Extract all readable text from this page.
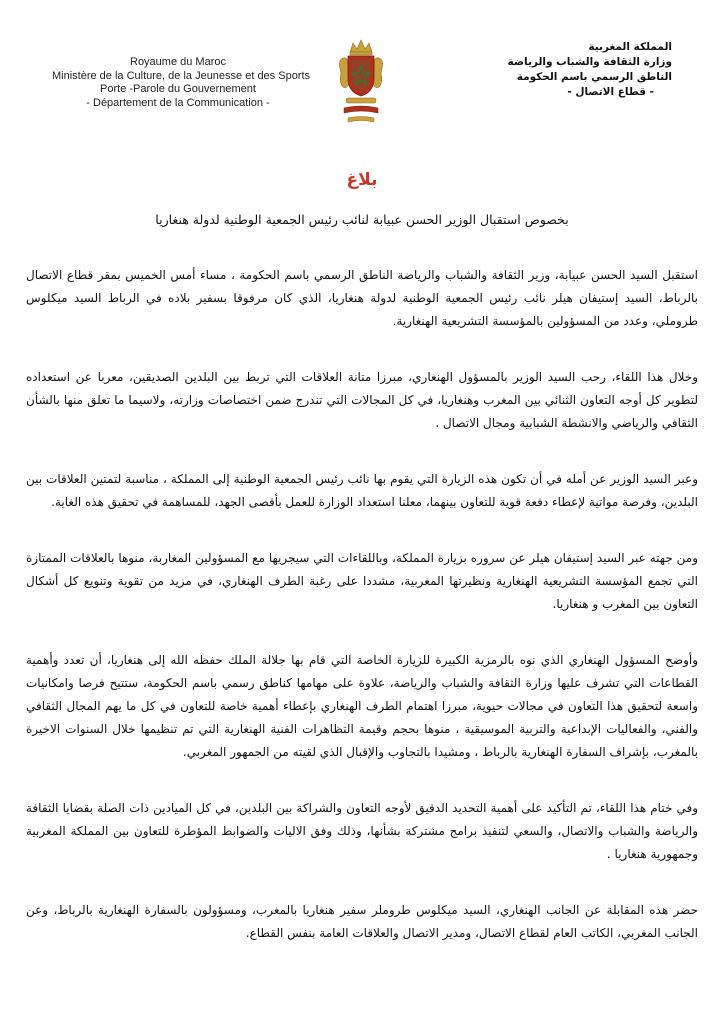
Royaume du Maroc
Ministère de la Culture, de la Jeunesse et des Sports
Porte -Parole du Gouvernement
- Département de la Communication -
المملكة المغربية
وزارة الثقافة والشباب والرياضة
الناطق الرسمي باسم الحكومة
- قطاع الاتصال -
بلاغ
بخصوص استقبال الوزير الحسن عبيابة لنائب رئيس الجمعية الوطنية لدولة هنغاريا

استقبل السيد الحسن عبيابة، وزير الثقافة والشباب والرياضة الناطق الرسمي باسم الحكومة ، مساء أمس الخميس بمقر قطاع الاتصال بالرباط، السيد إستيفان هيلر نائب رئيس الجمعية الوطنية لدولة هنغاريا، الذي كان مرفوقا بسفير بلاده في الرباط السيد ميكلوس طروملي، وعدد من المسؤولين بالمؤسسة التشريعية الهنغارية.

وخلال هذا اللقاء، رحب السيد الوزير بالمسؤول الهنغاري، مبرزا متانة العلاقات التي تربط بين البلدين الصديقين، معربا عن استعداده لتطوير كل أوجه التعاون الثنائي بين المغرب وهنغاريا، في كل المجالات التي تندرج ضمن اختصاصات وزارته، ولاسيما ما تعلق منها بالشأن الثقافي والرياضي والانشطة الشبابية ومجال الاتصال .

وعبر السيد الوزير عن أمله في أن تكون هذه الزيارة التي يقوم بها نائب رئيس الجمعية الوطنية إلى المملكة ، مناسبة لتمتين العلاقات بين البلدين، وفرصة مواتية لإعطاء دفعة قوية للتعاون بينهما، معلنا استعداد الوزارة للعمل بأقصى الجهد، للمساهمة في تحقيق هذه الغاية.

ومن جهته عبر السيد إستيفان هيلر عن سروره بزيارة المملكة، وباللقاءات التي سيجريها مع المسؤولين المغاربة، منوها بالعلاقات الممتازة التي تجمع المؤسسة التشريعية الهنغارية ونظيرتها المغربية، مشددا على رغبة الطرف الهنغاري، في مزيد من تقوية وتنويع كل أشكال التعاون بين المغرب و هنغاريا.

وأوضح المسؤول الهنغاري الذي نوه بالرمزية الكبيرة للزيارة الخاصة التي قام بها جلالة الملك حفظه الله إلى هنغاريا، أن تعدد وأهمية القطاعات التي تشرف عليها وزارة الثقافة والشباب والرياضة، علاوة على مهامها كناطق رسمي باسم الحكومة، ستتيح فرصا وامكانيات واسعة لتحقيق هذا التعاون في مجالات حيوية، مبرزا اهتمام الطرف الهنغاري بإعطاء أهمية خاصة للتعاون في كل ما يهم المجال الثقافي والفني، والفعاليات الإبداعية والتربية الموسيقية ، منوها بحجم وقيمة التظاهرات الفنية الهنغارية التي تم تنظيمها خلال السنوات الاخيرة بالمغرب، بإشراف السفارة الهنغارية بالرباط ، ومشيدا بالتجاوب والإقبال الذي لقيته من الجمهور المغربي.

وفي ختام هذا اللقاء، تم التأكيد على أهمية التحديد الدقيق لأوجه التعاون والشراكة بين البلدين، في كل الميادين ذات الصلة بقضايا الثقافة والرياضة والشباب والاتصال، والسعي لتنفيذ برامج مشتركة بشأنها، وذلك وفق الاليات والضوابط المؤطرة للتعاون بين المملكة المغربية وجمهورية هنغاريا .

حضر هذه المقابلة عن الجانب الهنغاري، السيد ميكلوس طروملر سفير هنغاريا بالمغرب، ومسؤولون بالسفارة الهنغارية بالرباط، وعن الجانب المغربي، الكاتب العام لقطاع الاتصال، ومدير الاتصال والعلاقات العامة بنفس القطاع.
